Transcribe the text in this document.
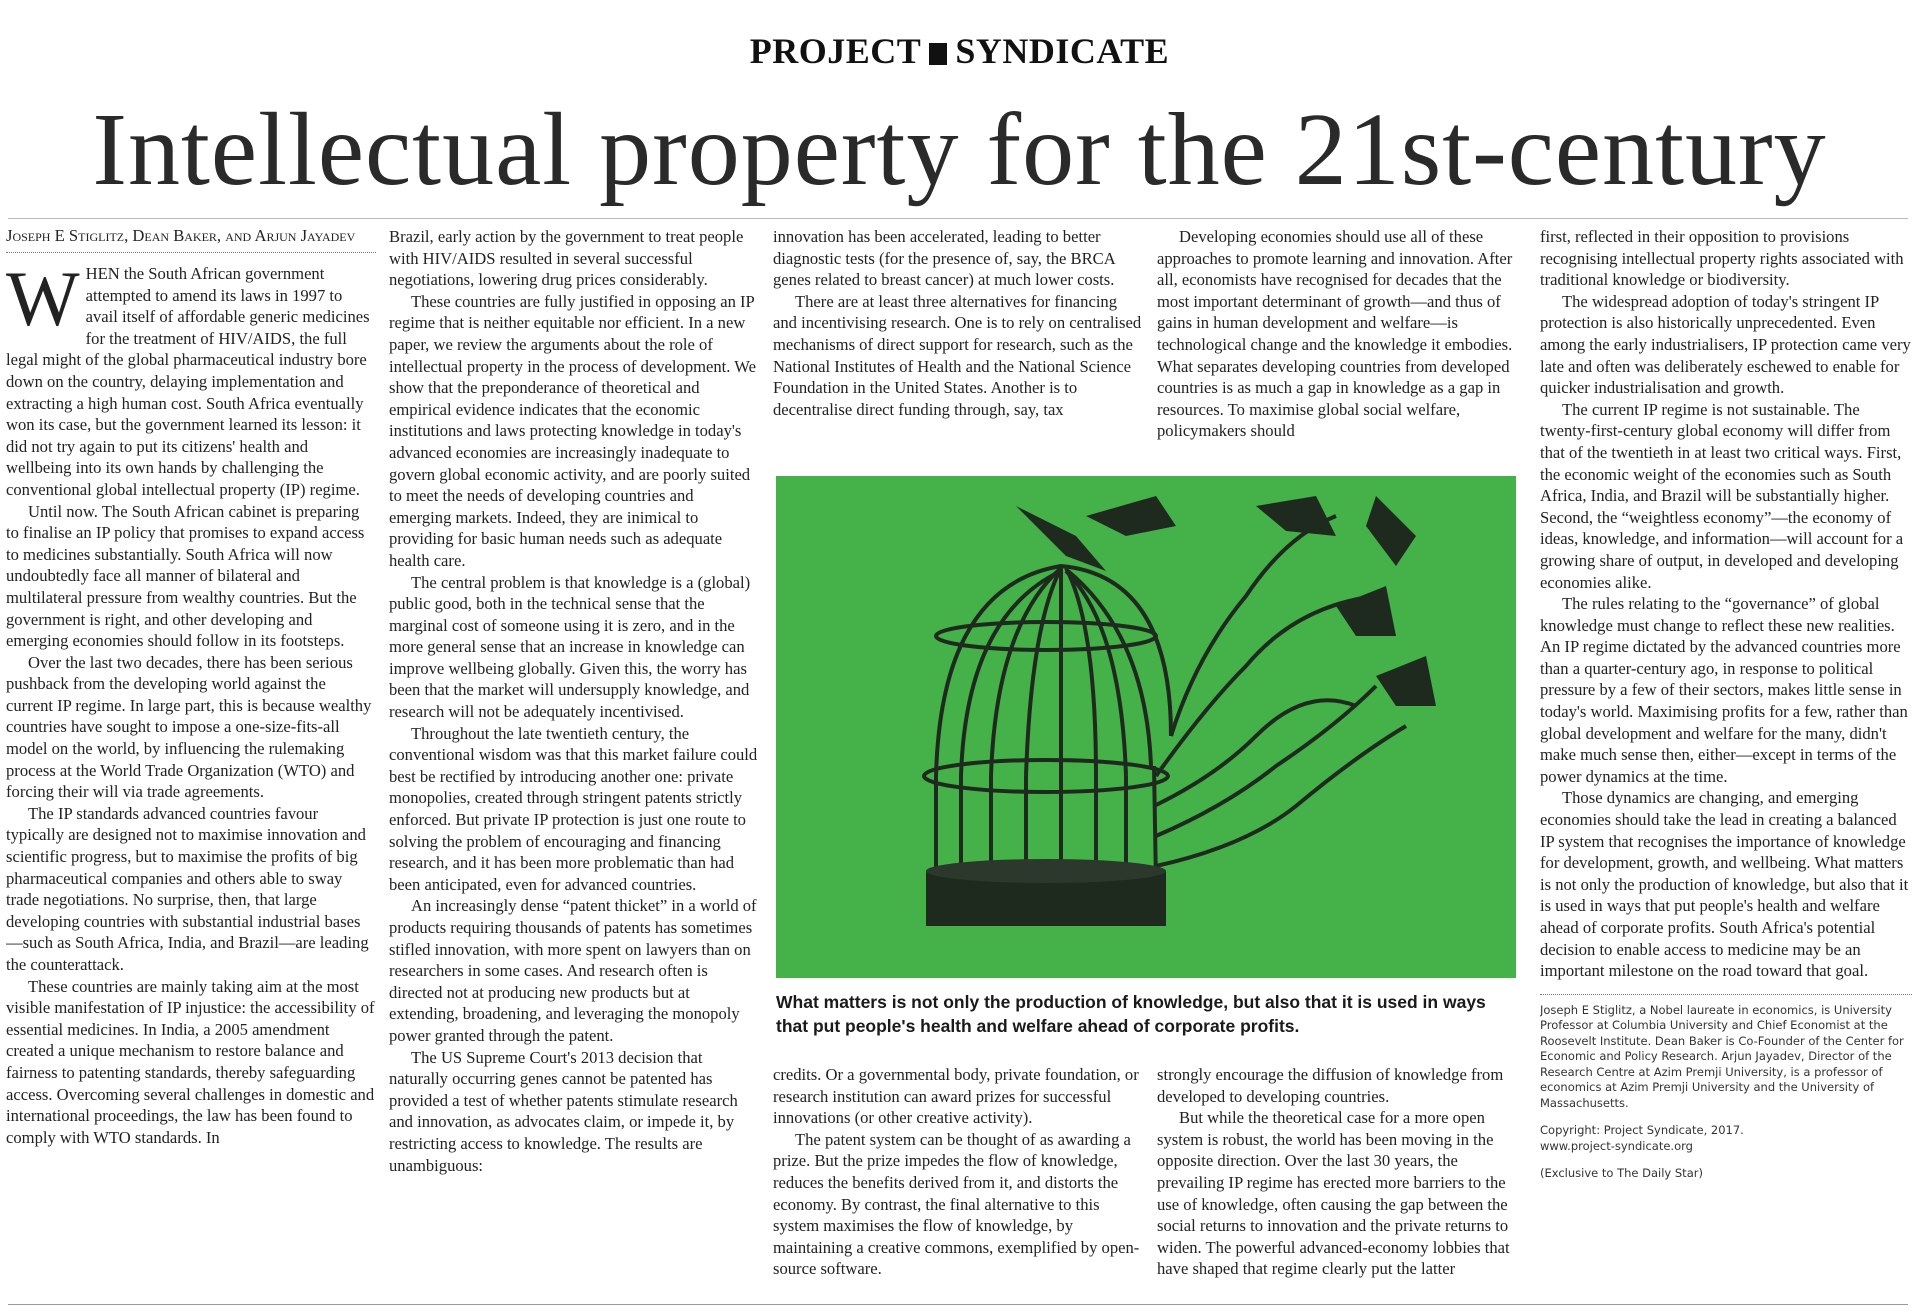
PROJECT SYNDICATE
Intellectual property for the 21st-century
Joseph E Stiglitz, Dean Baker, and Arjun Jayadev
W HEN the South African government attempted to amend its laws in 1997 to avail itself of affordable generic medicines for the treatment of HIV/AIDS, the full legal might of the global pharmaceutical industry bore down on the country, delaying implementation and extracting a high human cost. South Africa eventually won its case, but the government learned its lesson: it did not try again to put its citizens' health and wellbeing into its own hands by challenging the conventional global intellectual property (IP) regime.

Until now. The South African cabinet is preparing to finalise an IP policy that promises to expand access to medicines substantially. South Africa will now undoubtedly face all manner of bilateral and multilateral pressure from wealthy countries. But the government is right, and other developing and emerging economies should follow in its footsteps.

Over the last two decades, there has been serious pushback from the developing world against the current IP regime. In large part, this is because wealthy countries have sought to impose a one-size-fits-all model on the world, by influencing the rulemaking process at the World Trade Organization (WTO) and forcing their will via trade agreements.

The IP standards advanced countries favour typically are designed not to maximise innovation and scientific progress, but to maximise the profits of big pharmaceutical companies and others able to sway trade negotiations. No surprise, then, that large developing countries with substantial industrial bases—such as South Africa, India, and Brazil—are leading the counterattack.

These countries are mainly taking aim at the most visible manifestation of IP injustice: the accessibility of essential medicines. In India, a 2005 amendment created a unique mechanism to restore balance and fairness to patenting standards, thereby safeguarding access. Overcoming several challenges in domestic and international proceedings, the law has been found to comply with WTO standards. In

Brazil, early action by the government to treat people with HIV/AIDS resulted in several successful negotiations, lowering drug prices considerably.

These countries are fully justified in opposing an IP regime that is neither equitable nor efficient. In a new paper, we review the arguments about the role of intellectual property in the process of development. We show that the preponderance of theoretical and empirical evidence indicates that the economic institutions and laws protecting knowledge in today's advanced economies are increasingly inadequate to govern global economic activity, and are poorly suited to meet the needs of developing countries and emerging markets. Indeed, they are inimical to providing for basic human needs such as adequate health care.

The central problem is that knowledge is a (global) public good, both in the technical sense that the marginal cost of someone using it is zero, and in the more general sense that an increase in knowledge can improve wellbeing globally. Given this, the worry has been that the market will undersupply knowledge, and research will not be adequately incentivised.

Throughout the late twentieth century, the conventional wisdom was that this market failure could best be rectified by introducing another one: private monopolies, created through stringent patents strictly enforced. But private IP protection is just one route to solving the problem of encouraging and financing research, and it has been more problematic than had been anticipated, even for advanced countries.

An increasingly dense “patent thicket” in a world of products requiring thousands of patents has sometimes stifled innovation, with more spent on lawyers than on researchers in some cases. And research often is directed not at producing new products but at extending, broadening, and leveraging the monopoly power granted through the patent.

The US Supreme Court's 2013 decision that naturally occurring genes cannot be patented has provided a test of whether patents stimulate research and innovation, as advocates claim, or impede it, by restricting access to knowledge. The results are unambiguous:

innovation has been accelerated, leading to better diagnostic tests (for the presence of, say, the BRCA genes related to breast cancer) at much lower costs.

There are at least three alternatives for financing and incentivising research. One is to rely on centralised mechanisms of direct support for research, such as the National Institutes of Health and the National Science Foundation in the United States. Another is to decentralise direct funding through, say, tax

Developing economies should use all of these approaches to promote learning and innovation. After all, economists have recognised for decades that the most important determinant of growth—and thus of gains in human development and welfare—is technological change and the knowledge it embodies. What separates developing countries from developed countries is as much a gap in knowledge as a gap in resources. To maximise global social welfare, policymakers should

What matters is not only the production of knowledge, but also that it is used in ways that put people's health and welfare ahead of corporate profits.

credits. Or a governmental body, private foundation, or research institution can award prizes for successful innovations (or other creative activity).

The patent system can be thought of as awarding a prize. But the prize impedes the flow of knowledge, reduces the benefits derived from it, and distorts the economy. By contrast, the final alternative to this system maximises the flow of knowledge, by maintaining a creative commons, exemplified by open-source software.

strongly encourage the diffusion of knowledge from developed to developing countries.

But while the theoretical case for a more open system is robust, the world has been moving in the opposite direction. Over the last 30 years, the prevailing IP regime has erected more barriers to the use of knowledge, often causing the gap between the social returns to innovation and the private returns to widen. The powerful advanced-economy lobbies that have shaped that regime clearly put the latter

first, reflected in their opposition to provisions recognising intellectual property rights associated with traditional knowledge or biodiversity.

The widespread adoption of today's stringent IP protection is also historically unprecedented. Even among the early industrialisers, IP protection came very late and often was deliberately eschewed to enable for quicker industrialisation and growth.

The current IP regime is not sustainable. The twenty-first-century global economy will differ from that of the twentieth in at least two critical ways. First, the economic weight of the economies such as South Africa, India, and Brazil will be substantially higher. Second, the “weightless economy”—the economy of ideas, knowledge, and information—will account for a growing share of output, in developed and developing economies alike.

The rules relating to the “governance” of global knowledge must change to reflect these new realities. An IP regime dictated by the advanced countries more than a quarter-century ago, in response to political pressure by a few of their sectors, makes little sense in today's world. Maximising profits for a few, rather than global development and welfare for the many, didn't make much sense then, either—except in terms of the power dynamics at the time.

Those dynamics are changing, and emerging economies should take the lead in creating a balanced IP system that recognises the importance of knowledge for development, growth, and wellbeing. What matters is not only the production of knowledge, but also that it is used in ways that put people's health and welfare ahead of corporate profits. South Africa's potential decision to enable access to medicine may be an important milestone on the road toward that goal.

Joseph E Stiglitz, a Nobel laureate in economics, is University Professor at Columbia University and Chief Economist at the Roosevelt Institute. Dean Baker is Co-Founder of the Center for Economic and Policy Research. Arjun Jayadev, Director of the Research Centre at Azim Premji University, is a professor of economics at Azim Premji University and the University of Massachusetts.
Copyright: Project Syndicate, 2017.
www.project-syndicate.org
(Exclusive to The Daily Star)
